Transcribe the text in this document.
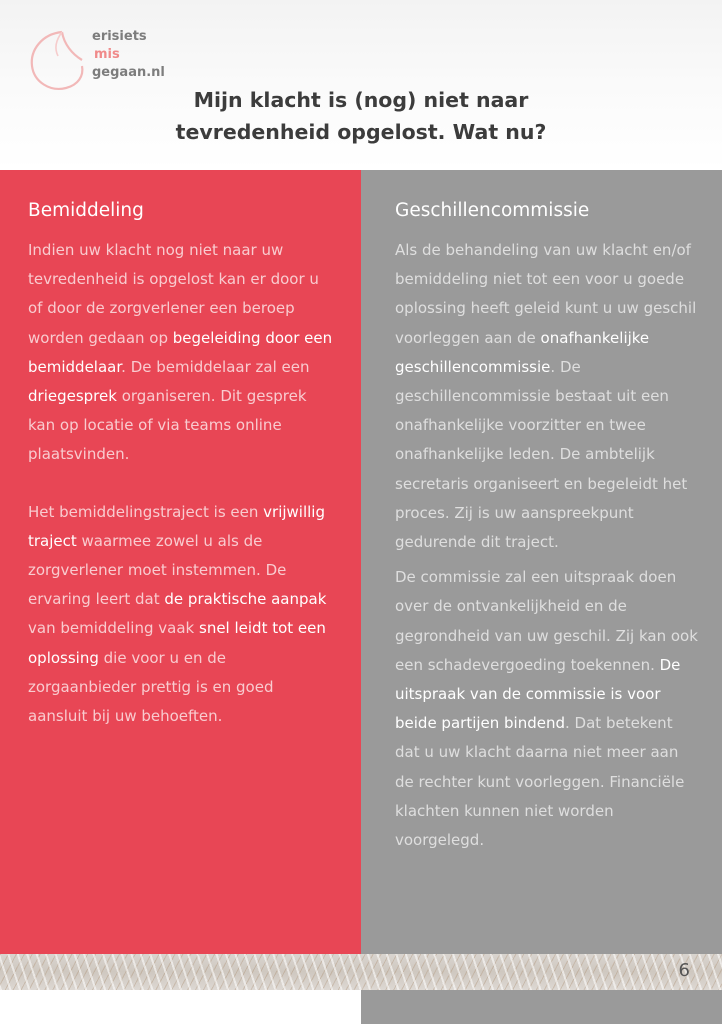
erisiets
mis
gegaan.nl
Mijn klacht is (nog) niet naar
tevredenheid opgelost. Wat nu?
Bemiddeling

Indien uw klacht nog niet naar uw tevredenheid is opgelost kan er door u of door de zorgverlener een beroep worden gedaan op begeleiding door een bemiddelaar. De bemiddelaar zal een driegesprek organiseren. Dit gesprek kan op locatie of via teams online plaatsvinden.

Het bemiddelingstraject is een vrijwillig traject waarmee zowel u als de zorgverlener moet instemmen. De ervaring leert dat de praktische aanpak van bemiddeling vaak snel leidt tot een oplossing die voor u en de zorgaanbieder prettig is en goed aansluit bij uw behoeften.

Geschillencommissie

Als de behandeling van uw klacht en/of bemiddeling niet tot een voor u goede oplossing heeft geleid kunt u uw geschil voorleggen aan de onafhankelijke geschillencommissie. De geschillencommissie bestaat uit een onafhankelijke voorzitter en twee onafhankelijke leden. De ambtelijk secretaris organiseert en begeleidt het proces. Zij is uw aanspreekpunt gedurende dit traject.

De commissie zal een uitspraak doen over de ontvankelijkheid en de gegrondheid van uw geschil. Zij kan ook een schadevergoeding toekennen. De uitspraak van de commissie is voor beide partijen bindend. Dat betekent dat u uw klacht daarna niet meer aan de rechter kunt voorleggen. Financiële klachten kunnen niet worden voorgelegd.

6
